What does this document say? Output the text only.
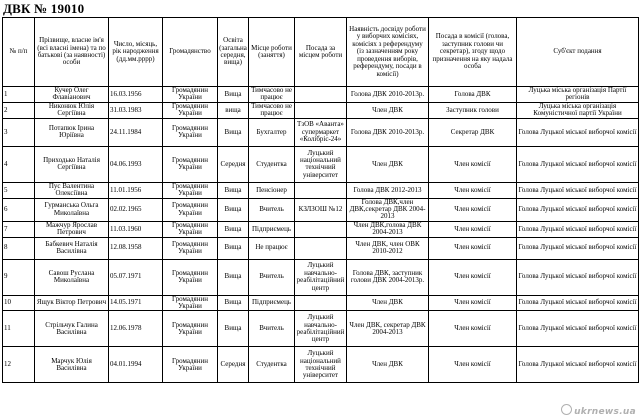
ДВК № 19010
№ п/п	Прізвище, власне ім'я (всі власні імена) та по батькові (за наявності) особи	Число, місяць, рік народження (дд.мм.рррр)	Громадянство	Освіта (загальна середня, вища)	Місце роботи (заняття)	Посада за місцем роботи	Наявність досвіду роботи у виборчих комісіях, комісіях з референдуму (із зазначенням року проведення виборів, референдуму, посади в комісії)	Посада в комісії (голова, заступник голови чи секретар), згоду щодо призначення на яку надала особа	Суб'єкт подання
1	Кучер Олег Флавіанович	16.03.1956	Громадянин України	Вища	Тимчасово не працює		Голова ДВК 2010-2013р.	Голова ДВК	Луцька міська організація Партії регіонів
2	Никонюк Юлія Сергіївна	31.03.1983	Громадянин України	вища	Тимчасово не працює		Член ДВК	Заступник голови	Луцька міська організація Комуністичної партії України
3	Потапюк Ірина Юріївна	24.11.1984	Громадянин України	Вища	Бухгалтер	ТзОВ «Аванта» супермаркет «Колібріс-24»	Голова ДВК 2010-2013р.	Секретар ДВК	Голова Луцької міської виборчої комісії
4	Приходько Наталія Сергіївна	04.06.1993	Громадянин України	Середня	Студентка	Луцький національний технічний університет	Член ДВК	Член комісії	Голова Луцької міської виборчої комісії
5	Пус Валентина Олексіївна	11.01.1956	Громадянин України	Вища	Пенсіонер		Голова ДВК 2012-2013	Член комісії	Голова Луцької міської виборчої комісії
6	Гурманська Ольга Миколаївна	02.02.1965	Громадянин України	Вища	Вчитель	КЗЛЗОШ №12	Голова ДВК,член ДВК,секретар ДВК 2004-2013	Член комісії	Голова Луцької міської виборчої комісії
7	Мажчур Ярослав Петрович	11.03.1960	Громадянин України	Вища	Підприємець		Член ДВК,голова ДВК 2004-2013	Член комісії	Голова Луцької міської виборчої комісії
8	Бабкевич Наталія Василівна	12.08.1958	Громадянин України	Вища	Не працює		Член ДВК, член ОВК 2010-2012	Член комісії	Голова Луцької міської виборчої комісії
9	Савош Руслана Миколаївна	05.07.1971	Громадянин України	Вища	Вчитель	Луцький навчально-реабілітаційний центр	Голова ДВК, заступник голови ДВК 2004-2013р.	Член комісії	Голова Луцької міської виборчої комісії
10	Ящук Віктор Петрович	14.05.1971	Громадянин України	Вища	Підприємець		Член ДВК	Член комісії	Голова Луцької міської виборчої комісії
11	Стрільчук Галина Василівна	12.06.1978	Громадянин України	Вища	Вчитель	Луцький навчально-реабілітаційний центр	Член ДВК, секретар ДВК 2004-2013	Член комісії	Голова Луцької міської виборчої комісії
12	Марчук Юлія Василівна	04.01.1994	Громадянин України	Середня	Студентка	Луцький національний технічний університет	Член ДВК	Член комісії	Голова Луцької міської виборчої комісії
ukrnews.ua
